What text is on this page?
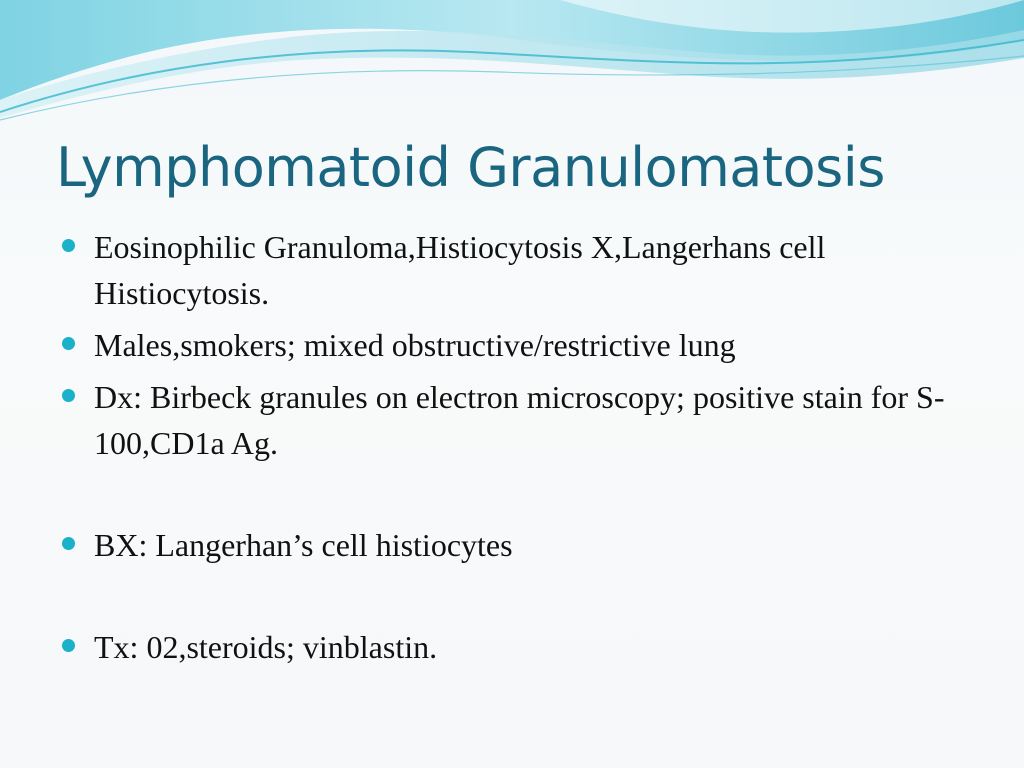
Lymphomatoid Granulomatosis
Eosinophilic Granuloma,Histiocytosis X,Langerhans cell Histiocytosis.
Males,smokers; mixed obstructive/restrictive lung
Dx: Birbeck granules on electron microscopy; positive stain for S-100,CD1a Ag.
BX: Langerhan’s cell histiocytes
Tx: 02,steroids; vinblastin.
